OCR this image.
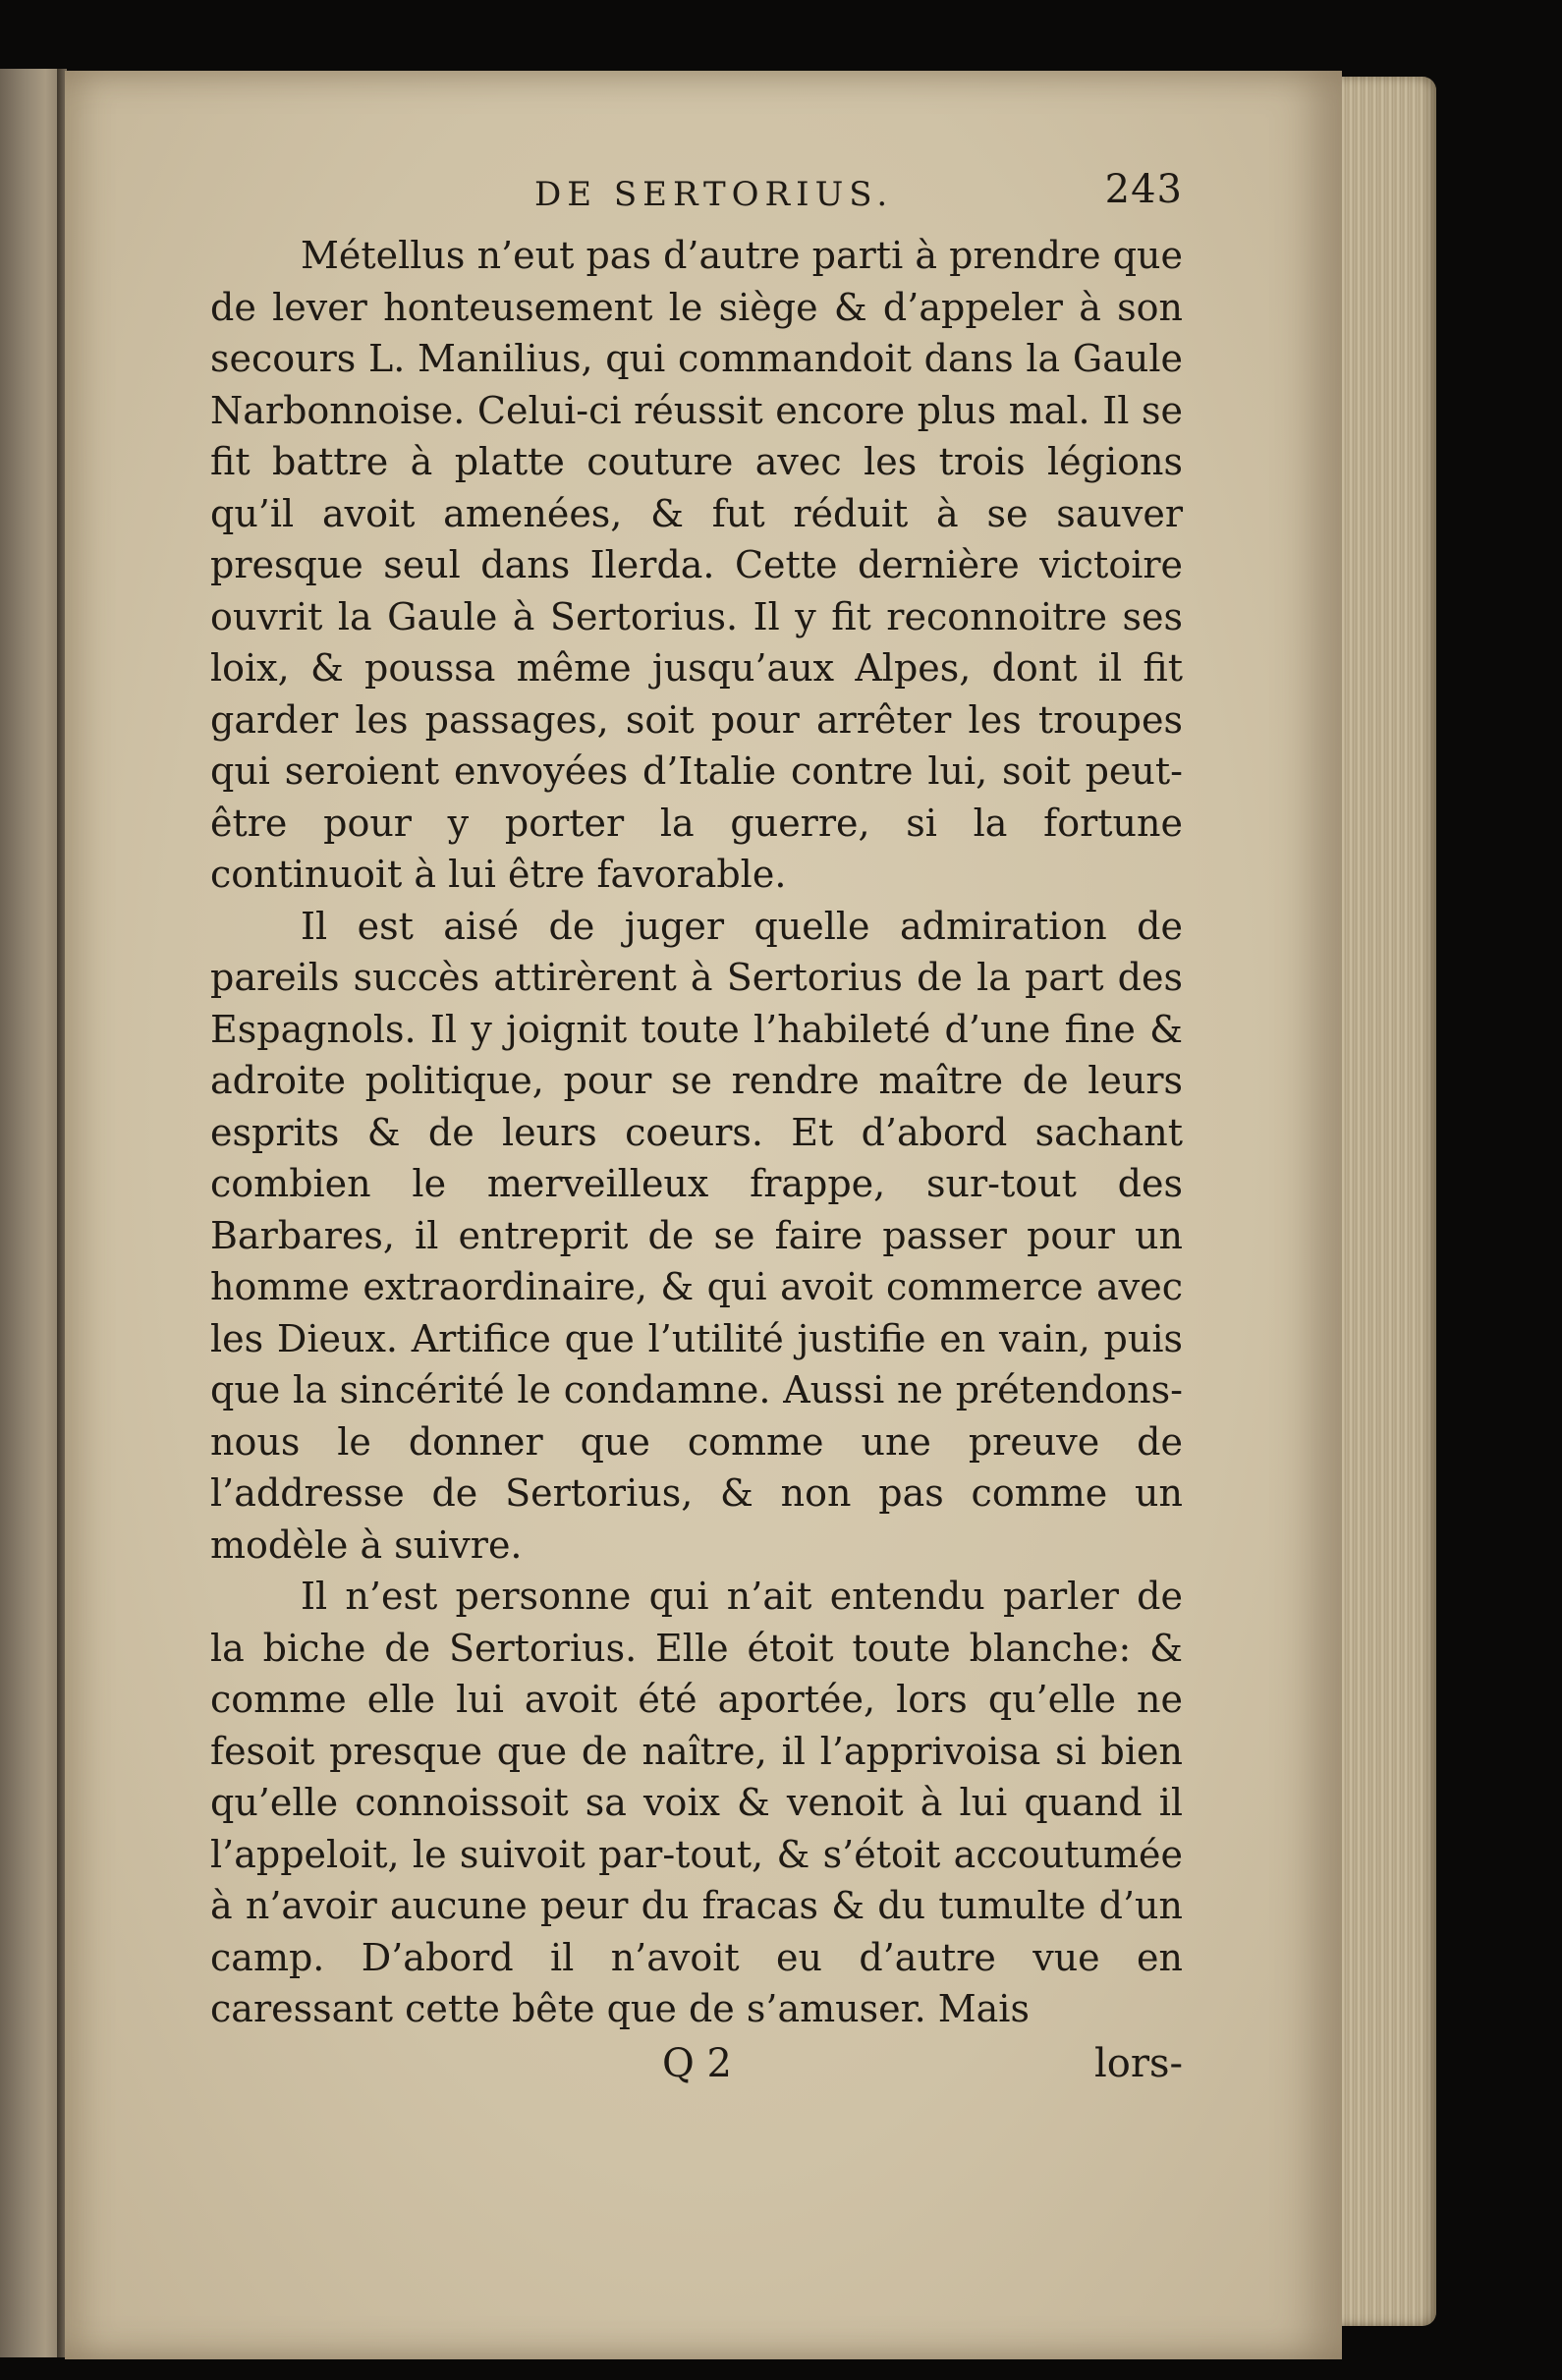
DE SERTORIUS.	243

Métellus n’eut pas d’autre parti à prendre que de lever honteusement le siège & d’appeler à son secours L. Manilius, qui commandoit dans la Gaule Narbonnoise. Celui-ci réussit encore plus mal. Il se fit battre à platte couture avec les trois légions qu’il avoit amenées, & fut réduit à se sauver presque seul dans Ilerda. Cette dernière victoire ouvrit la Gaule à Sertorius. Il y fit reconnoitre ses loix, & poussa même jusqu’aux Alpes, dont il fit garder les passages, soit pour arrêter les troupes qui seroient envoyées d’Italie contre lui, soit peut-être pour y porter la guerre, si la fortune continuoit à lui être favorable.

Il est aisé de juger quelle admiration de pareils succès attirèrent à Sertorius de la part des Espagnols. Il y joignit toute l’habileté d’une fine & adroite politique, pour se rendre maître de leurs esprits & de leurs coeurs. Et d’abord sachant combien le merveilleux frappe, sur-tout des Barbares, il entreprit de se faire passer pour un homme extraordinaire, & qui avoit commerce avec les Dieux. Artifice que l’utilité justifie en vain, puis que la sincérité le condamne. Aussi ne prétendons-nous le donner que comme une preuve de l’addresse de Sertorius, & non pas comme un modèle à suivre.

Il n’est personne qui n’ait entendu parler de la biche de Sertorius. Elle étoit toute blanche: & comme elle lui avoit été aportée, lors qu’elle ne fesoit presque que de naître, il l’apprivoisa si bien qu’elle connoissoit sa voix & venoit à lui quand il l’appeloit, le suivoit par-tout, & s’étoit accoutumée à n’avoir aucune peur du fracas & du tumulte d’un camp. D’abord il n’avoit eu d’autre vue en caressant cette bête que de s’amuser. Mais

Q 2	lors-
